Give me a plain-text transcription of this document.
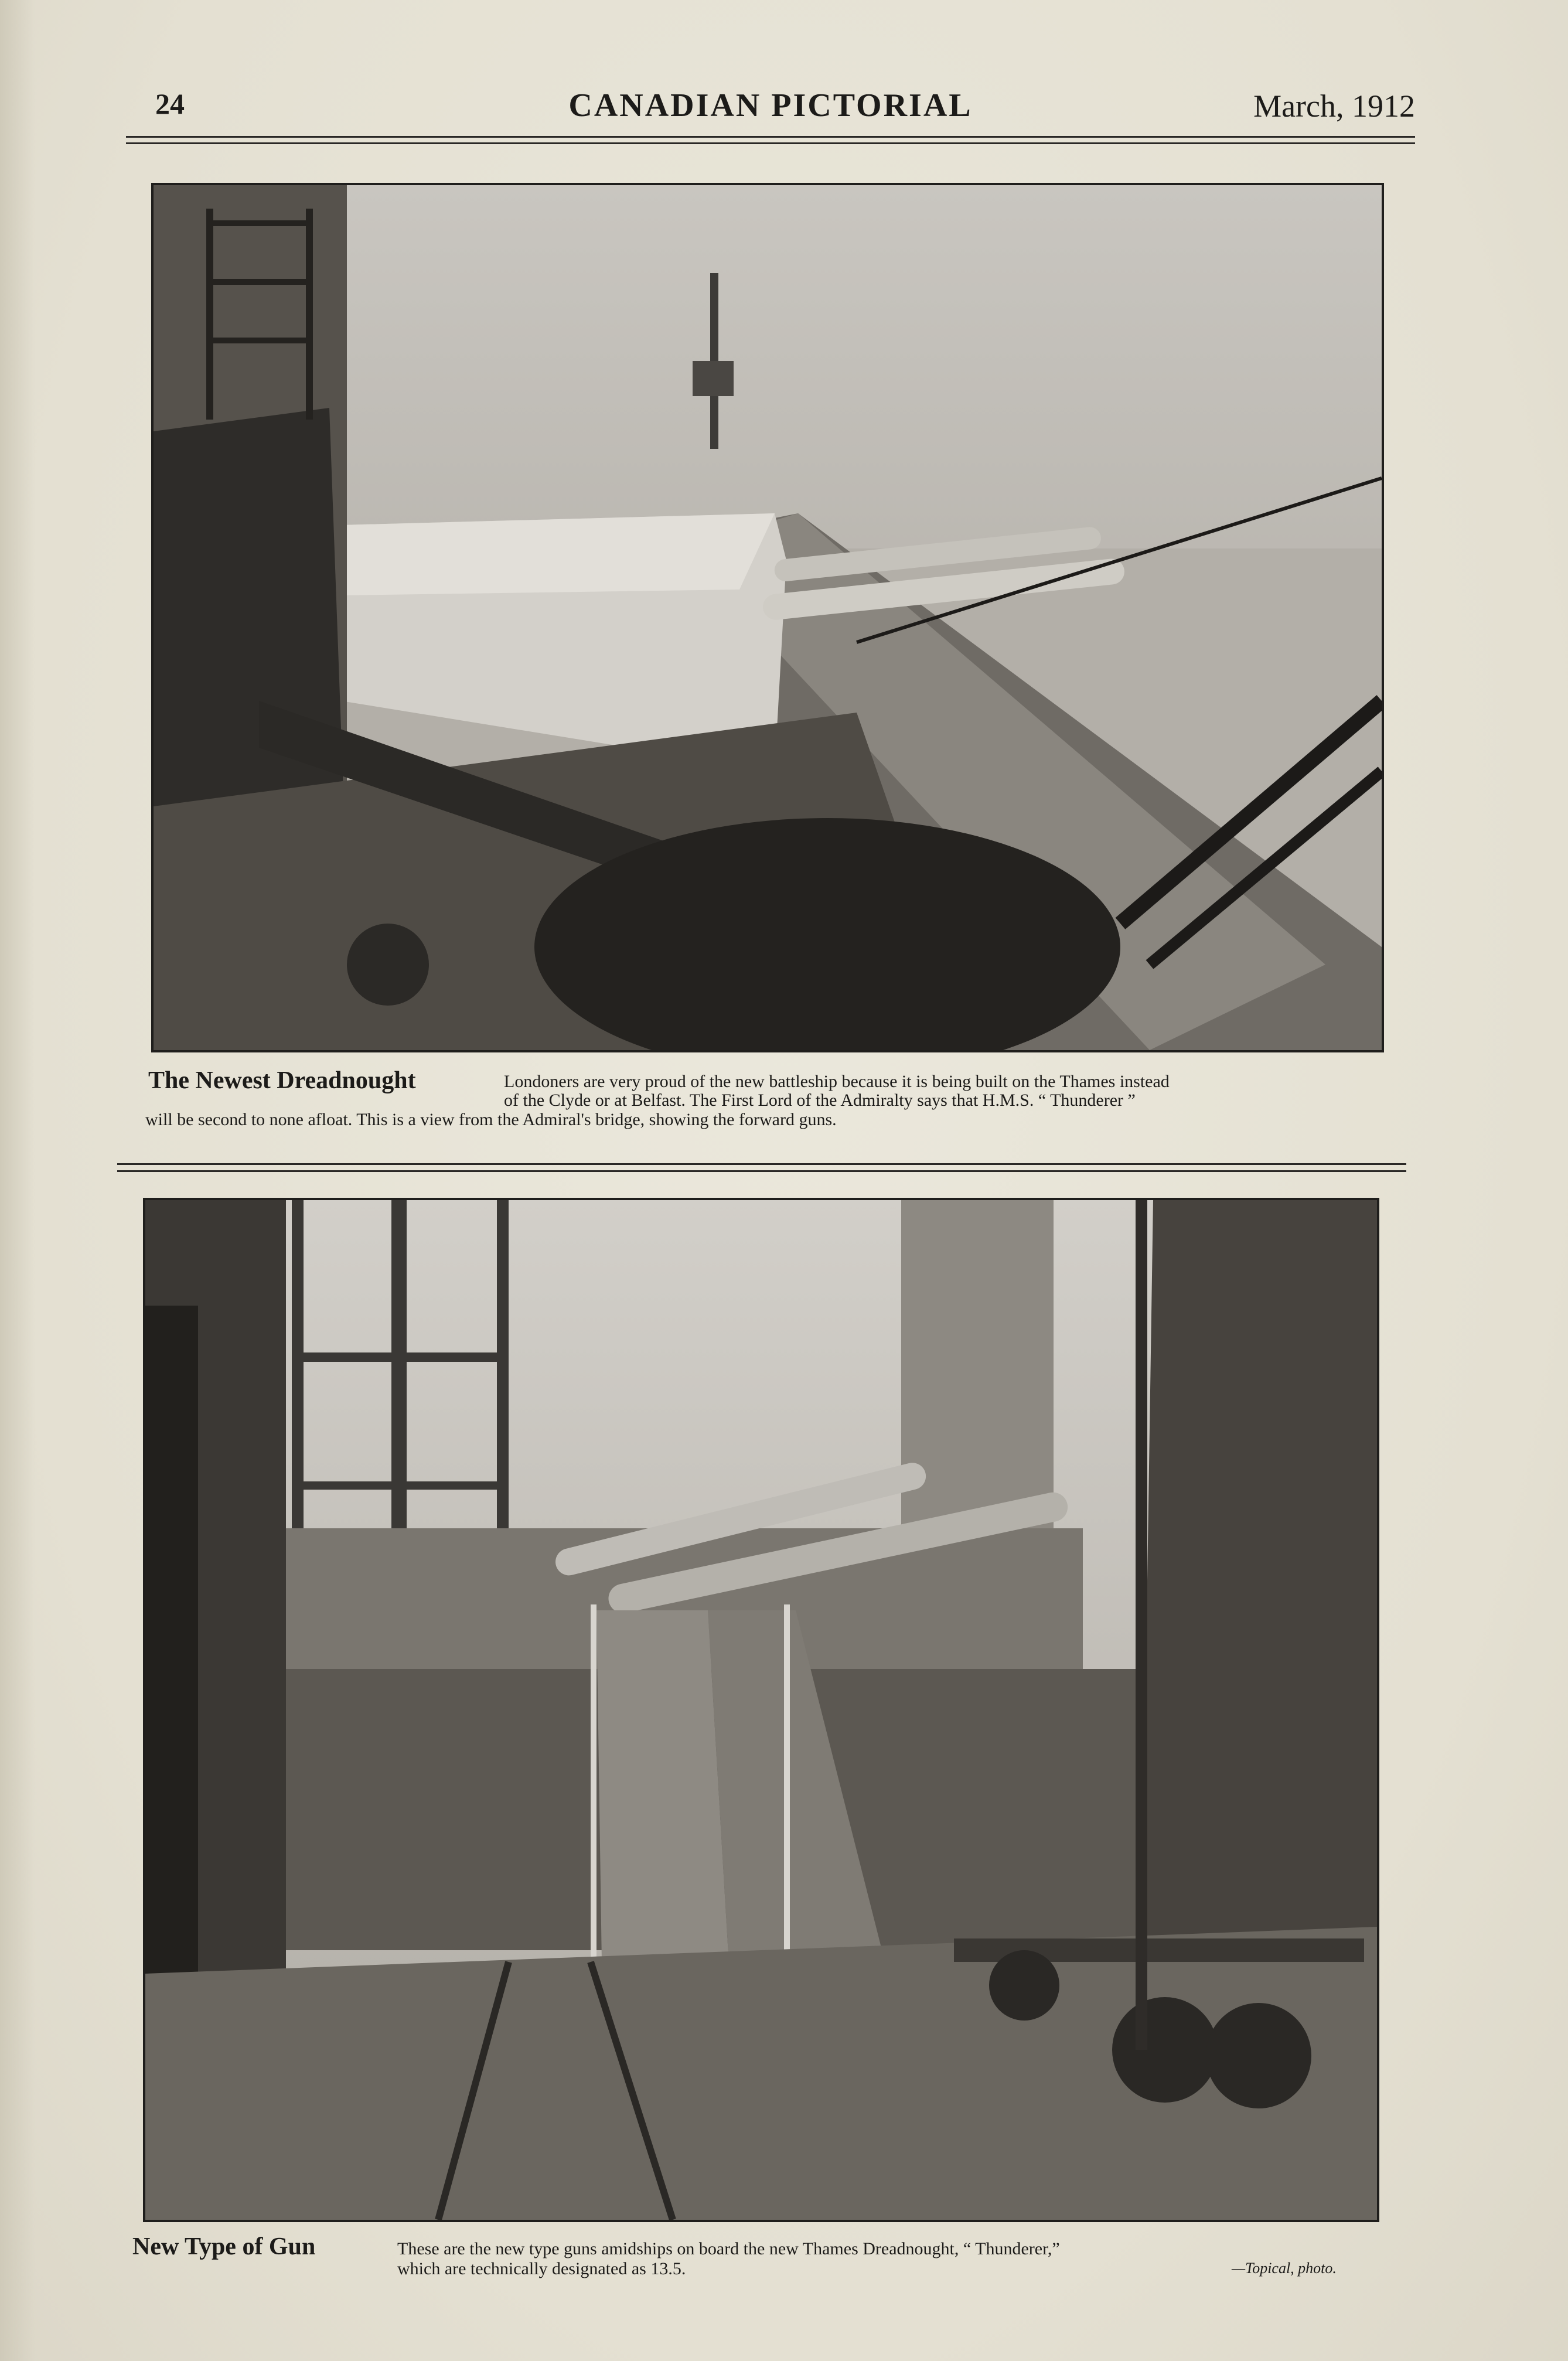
24	CANADIAN PICTORIAL	March, 1912
The Newest Dreadnought	Londoners are very proud of the new battleship because it is being built on the Thames instead
of the Clyde or at Belfast. The First Lord of the Admiralty says that H.M.S. “ Thunderer ”
will be second to none afloat. This is a view from the Admiral's bridge, showing the forward guns.
New Type of Gun	These are the new type guns amidships on board the new Thames Dreadnought, “ Thunderer,”
which are technically designated as 13.5.	—Topical, photo.
